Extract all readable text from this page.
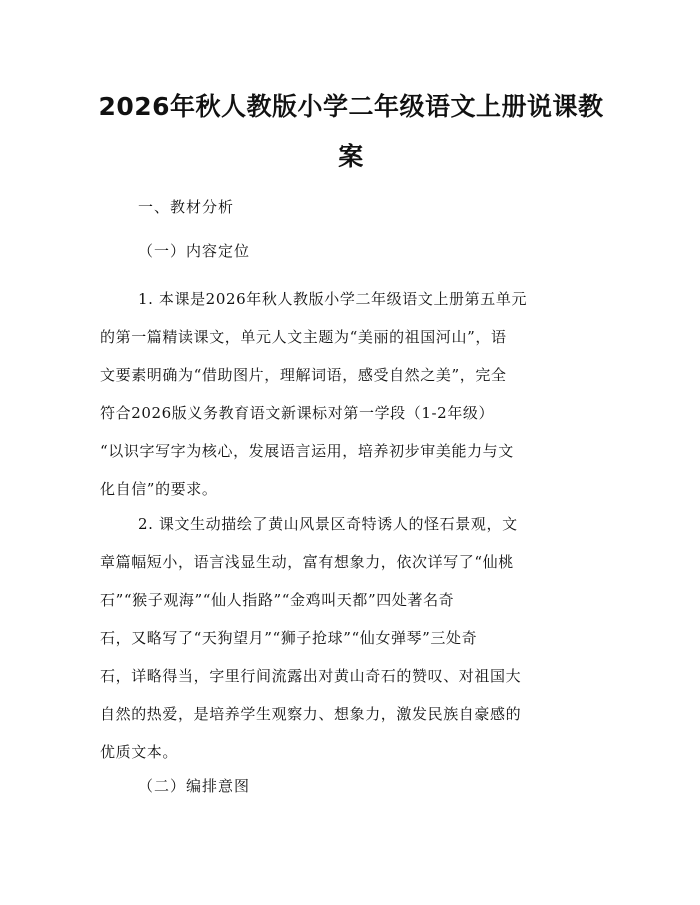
2026年秋人教版小学二年级语文上册说课教案
一、教材分析
（一）内容定位
1. 本课是2026年秋人教版小学二年级语文上册第五单元
的第一篇精读课文，单元人文主题为“美丽的祖国河山”，语
文要素明确为“借助图片，理解词语，感受自然之美”，完全
符合2026版义务教育语文新课标对第一学段（1-2年级）
“以识字写字为核心，发展语言运用，培养初步审美能力与文
化自信”的要求。
2. 课文生动描绘了黄山风景区奇特诱人的怪石景观，文
章篇幅短小，语言浅显生动，富有想象力，依次详写了“仙桃
石”“猴子观海”“仙人指路”“金鸡叫天都”四处著名奇
石，又略写了“天狗望月”“狮子抢球”“仙女弹琴”三处奇
石，详略得当，字里行间流露出对黄山奇石的赞叹、对祖国大
自然的热爱，是培养学生观察力、想象力，激发民族自豪感的
优质文本。
（二）编排意图
